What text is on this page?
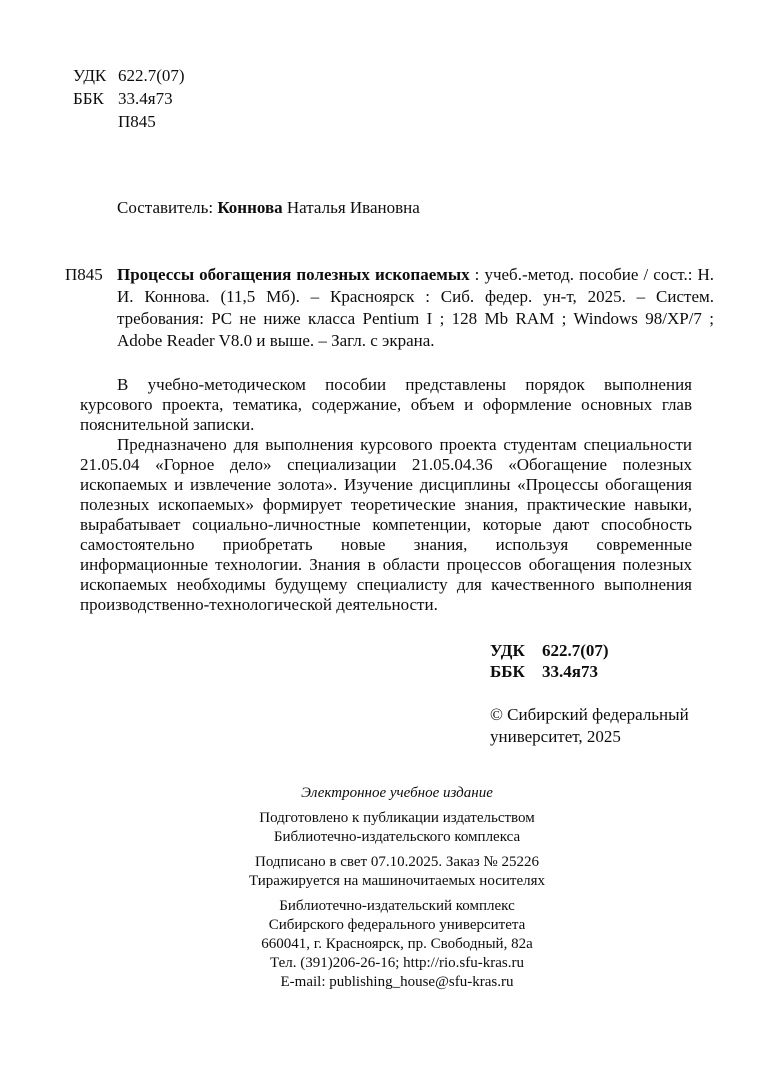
УДК 622.7(07)
ББК 33.4я73
П845
Составитель: Коннова Наталья Ивановна
П845 Процессы обогащения полезных ископаемых : учеб.-метод. пособие / сост.: Н. И. Коннова. (11,5 Мб). – Красноярск : Сиб. федер. ун-т, 2025. – Систем. требования: PC не ниже класса Pentium I ; 128 Mb RAM ; Windows 98/XP/7 ; Adobe Reader V8.0 и выше. – Загл. с экрана.

В учебно-методическом пособии представлены порядок выполнения курсового проекта, тематика, содержание, объем и оформление основных глав пояснительной записки.

Предназначено для выполнения курсового проекта студентам специальности 21.05.04 «Горное дело» специализации 21.05.04.36 «Обогащение полезных ископаемых и извлечение золота». Изучение дисциплины «Процессы обогащения полезных ископаемых» формирует теоретические знания, практические навыки, вырабатывает социально-личностные компетенции, которые дают способность самостоятельно приобретать новые знания, используя современные информационные технологии. Знания в области процессов обогащения полезных ископаемых необходимы будущему специалисту для качественного выполнения производственно-технологической деятельности.

УДК 622.7(07)
ББК 33.4я73
© Сибирский федеральный
университет, 2025
Электронное учебное издание
Подготовлено к публикации издательством
Библиотечно-издательского комплекса
Подписано в свет 07.10.2025. Заказ № 25226
Тиражируется на машиночитаемых носителях
Библиотечно-издательский комплекс
Сибирского федерального университета
660041, г. Красноярск, пр. Свободный, 82а
Тел. (391)206-26-16; http://rio.sfu-kras.ru
E-mail: publishing_house@sfu-kras.ru
